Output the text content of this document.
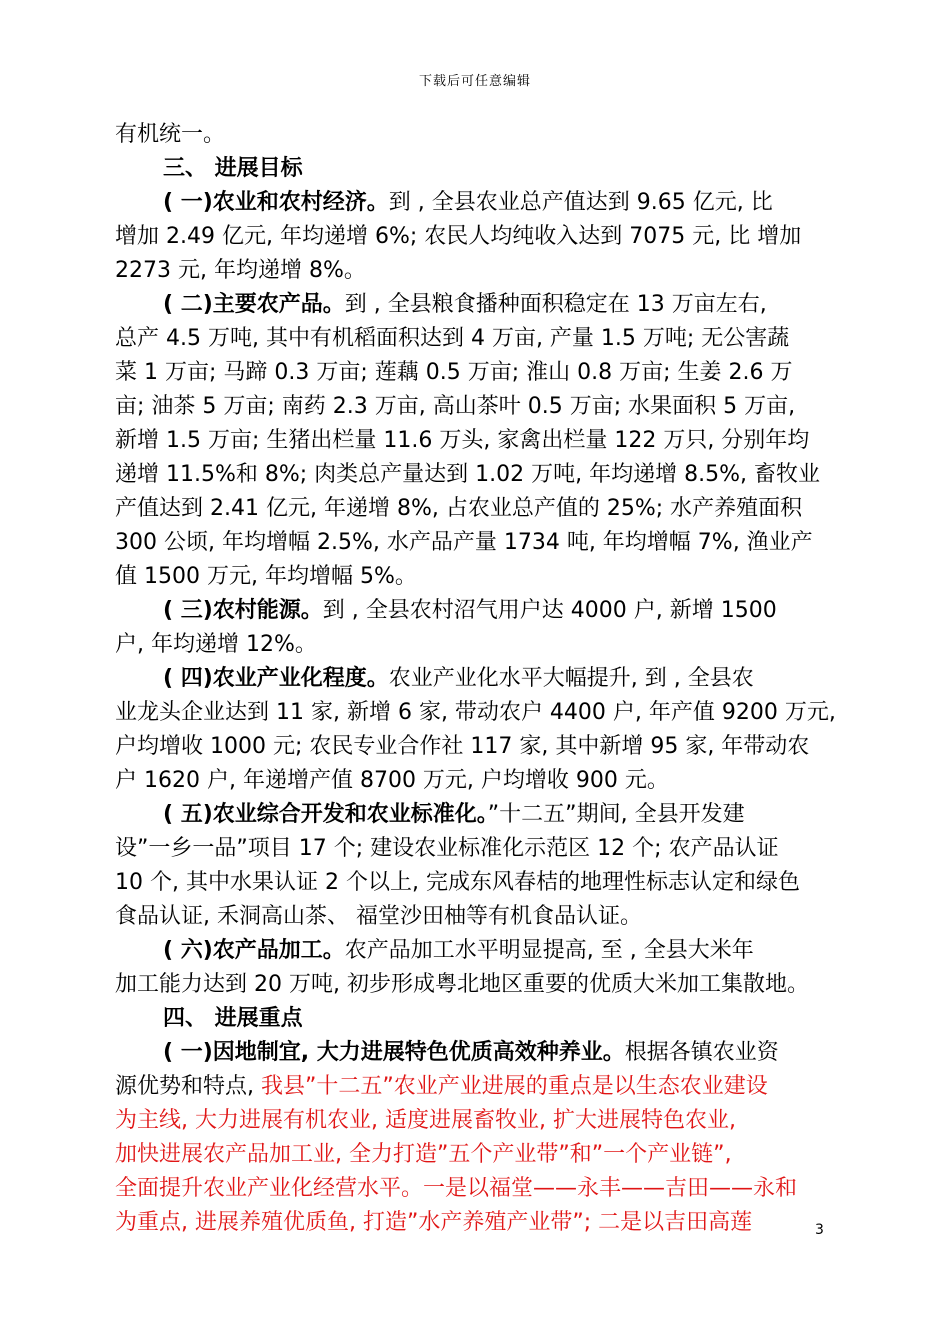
下载后可任意编辑
有机统一。
三、 进展目标
( 一)农业和农村经济。到 , 全县农业总产值达到 9.65 亿元, 比
增加 2.49 亿元, 年均递增 6%; 农民人均纯收入达到 7075 元, 比 增加
2273 元, 年均递增 8%。
( 二)主要农产品。到 , 全县粮食播种面积稳定在 13 万亩左右,
总产 4.5 万吨, 其中有机稻面积达到 4 万亩, 产量 1.5 万吨; 无公害蔬
菜 1 万亩; 马蹄 0.3 万亩; 莲藕 0.5 万亩; 淮山 0.8 万亩; 生姜 2.6 万
亩; 油茶 5 万亩; 南药 2.3 万亩, 高山茶叶 0.5 万亩; 水果面积 5 万亩,
新增 1.5 万亩; 生猪出栏量 11.6 万头, 家禽出栏量 122 万只, 分别年均
递增 11.5%和 8%; 肉类总产量达到 1.02 万吨, 年均递增 8.5%, 畜牧业
产值达到 2.41 亿元, 年递增 8%, 占农业总产值的 25%; 水产养殖面积
300 公顷, 年均增幅 2.5%, 水产品产量 1734 吨, 年均增幅 7%, 渔业产
值 1500 万元, 年均增幅 5%。
( 三)农村能源。到 , 全县农村沼气用户达 4000 户, 新增 1500
户, 年均递增 12%。
( 四)农业产业化程度。农业产业化水平大幅提升, 到 , 全县农
业龙头企业达到 11 家, 新增 6 家, 带动农户 4400 户, 年产值 9200 万元,
户均增收 1000 元; 农民专业合作社 117 家, 其中新增 95 家, 年带动农
户 1620 户, 年递增产值 8700 万元, 户均增收 900 元。
( 五)农业综合开发和农业标准化。”十二五”期间, 全县开发建
设”一乡一品”项目 17 个; 建设农业标准化示范区 12 个; 农产品认证
10 个, 其中水果认证 2 个以上, 完成东风春桔的地理性标志认定和绿色
食品认证, 禾洞高山茶、 福堂沙田柚等有机食品认证。
( 六)农产品加工。农产品加工水平明显提高, 至 , 全县大米年
加工能力达到 20 万吨, 初步形成粤北地区重要的优质大米加工集散地。
四、 进展重点
( 一)因地制宜, 大力进展特色优质高效种养业。根据各镇农业资
源优势和特点, 我县”十二五”农业产业进展的重点是以生态农业建设
为主线, 大力进展有机农业, 适度进展畜牧业, 扩大进展特色农业,
加快进展农产品加工业, 全力打造”五个产业带”和”一个产业链”,
全面提升农业产业化经营水平。一是以福堂——永丰——吉田——永和
为重点, 进展养殖优质鱼, 打造”水产养殖产业带”; 二是以吉田高莲	3
